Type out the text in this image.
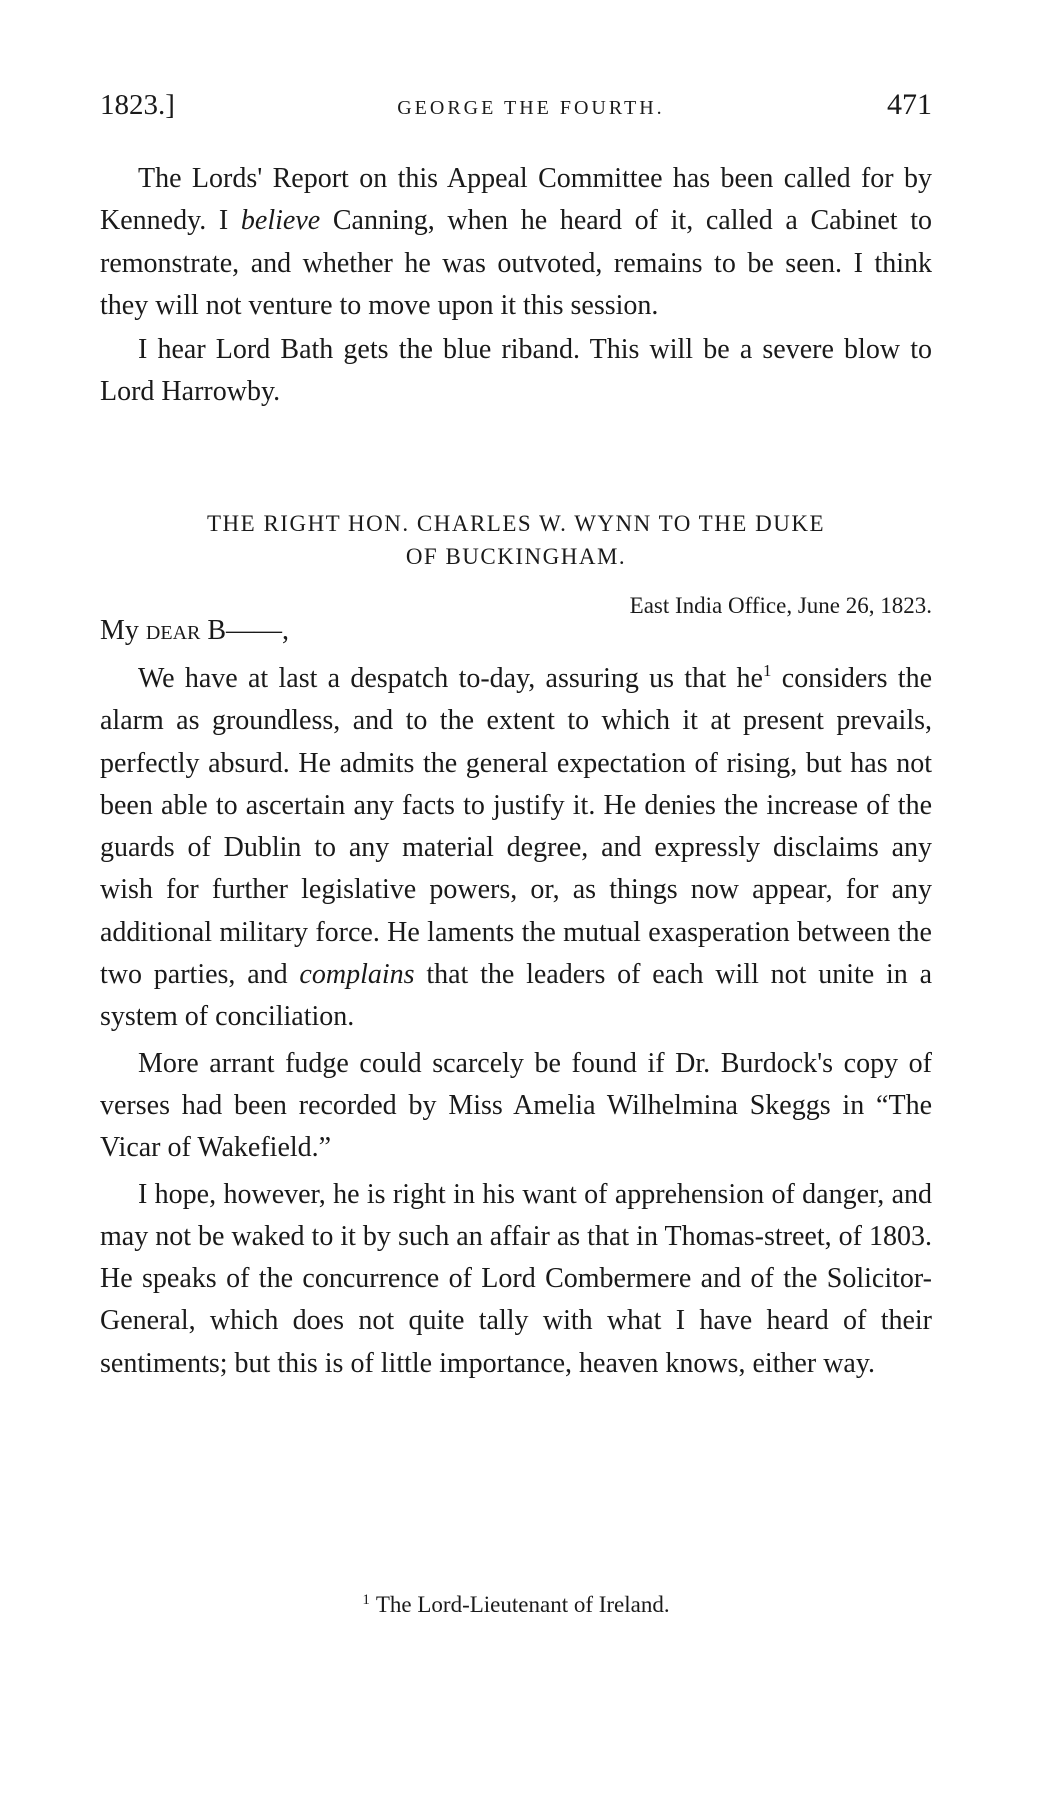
1823.]	GEORGE THE FOURTH.	471

The Lords' Report on this Appeal Committee has been called for by Kennedy. I believe Canning, when he heard of it, called a Cabinet to remonstrate, and whether he was outvoted, remains to be seen. I think they will not venture to move upon it this session.

I hear Lord Bath gets the blue riband. This will be a severe blow to Lord Harrowby.

THE RIGHT HON. CHARLES W. WYNN TO THE DUKE
OF BUCKINGHAM.
East India Office, June 26, 1823.
My dear B——,

We have at last a despatch to-day, assuring us that $he^1$ considers the alarm as groundless, and to the extent to which it at present prevails, perfectly absurd. He admits the general expectation of rising, but has not been able to ascertain any facts to justify it. He denies the increase of the guards of Dublin to any material degree, and expressly disclaims any wish for further legislative powers, or, as things now appear, for any additional military force. He laments the mutual exasperation between the two parties, and complains that the leaders of each will not unite in a system of conciliation.

More arrant fudge could scarcely be found if Dr. Burdock's copy of verses had been recorded by Miss Amelia Wilhelmina Skeggs in “The Vicar of Wakefield.”

I hope, however, he is right in his want of apprehension of danger, and may not be waked to it by such an affair as that in Thomas-street, of 1803. He speaks of the concurrence of Lord Combermere and of the Solicitor-General, which does not quite tally with what I have heard of their sentiments; but this is of little importance, heaven knows, either way.

$^1$ The Lord-Lieutenant of Ireland.
